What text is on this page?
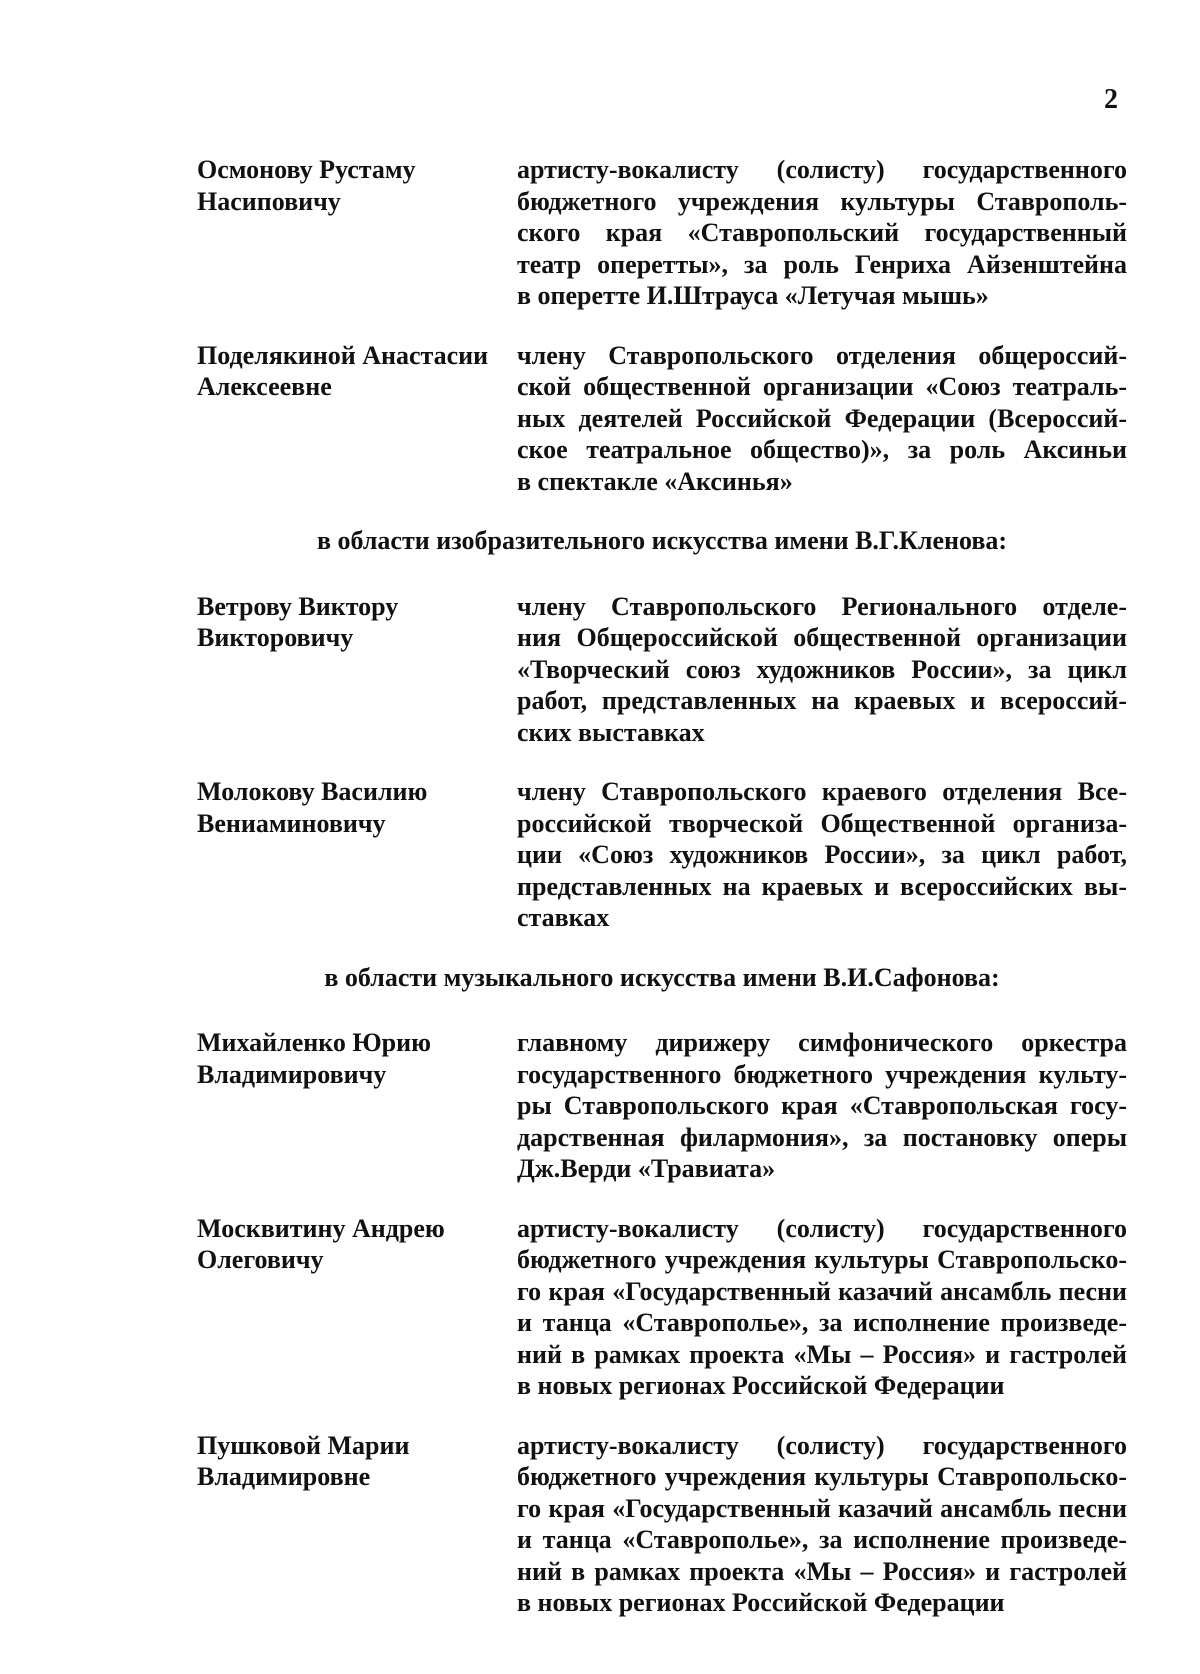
2
Осмонову Рустаму
Насиповичу
артисту-вокалисту (солисту) государственного
бюджетного учреждения культуры Ставрополь-
ского края «Ставропольский государственный
театр оперетты», за роль Генриха Айзенштейна
в оперетте И.Штрауса «Летучая мышь»
Поделякиной Анастасии
Алексеевне
члену Ставропольского отделения общероссий-
ской общественной организации «Союз театраль-
ных деятелей Российской Федерации (Всероссий-
ское театральное общество)», за роль Аксиньи
в спектакле «Аксинья»
в области изобразительного искусства имени В.Г.Кленова:
Ветрову Виктору
Викторовичу
члену Ставропольского Регионального отделе-
ния Общероссийской общественной организации
«Творческий союз художников России», за цикл
работ, представленных на краевых и всероссий-
ских выставках
Молокову Василию
Вениаминовичу
члену Ставропольского краевого отделения Все-
российской творческой Общественной организа-
ции «Союз художников России», за цикл работ,
представленных на краевых и всероссийских вы-
ставках
в области музыкального искусства имени В.И.Сафонова:
Михайленко Юрию
Владимировичу
главному дирижеру симфонического оркестра
государственного бюджетного учреждения культу-
ры Ставропольского края «Ставропольская госу-
дарственная филармония», за постановку оперы
Дж.Верди «Травиата»
Москвитину Андрею
Олеговичу
артисту-вокалисту (солисту) государственного
бюджетного учреждения культуры Ставропольско-
го края «Государственный казачий ансамбль песни
и танца «Ставрополье», за исполнение произведе-
ний в рамках проекта «Мы – Россия» и гастролей
в новых регионах Российской Федерации
Пушковой Марии
Владимировне
артисту-вокалисту (солисту) государственного
бюджетного учреждения культуры Ставропольско-
го края «Государственный казачий ансамбль песни
и танца «Ставрополье», за исполнение произведе-
ний в рамках проекта «Мы – Россия» и гастролей
в новых регионах Российской Федерации
